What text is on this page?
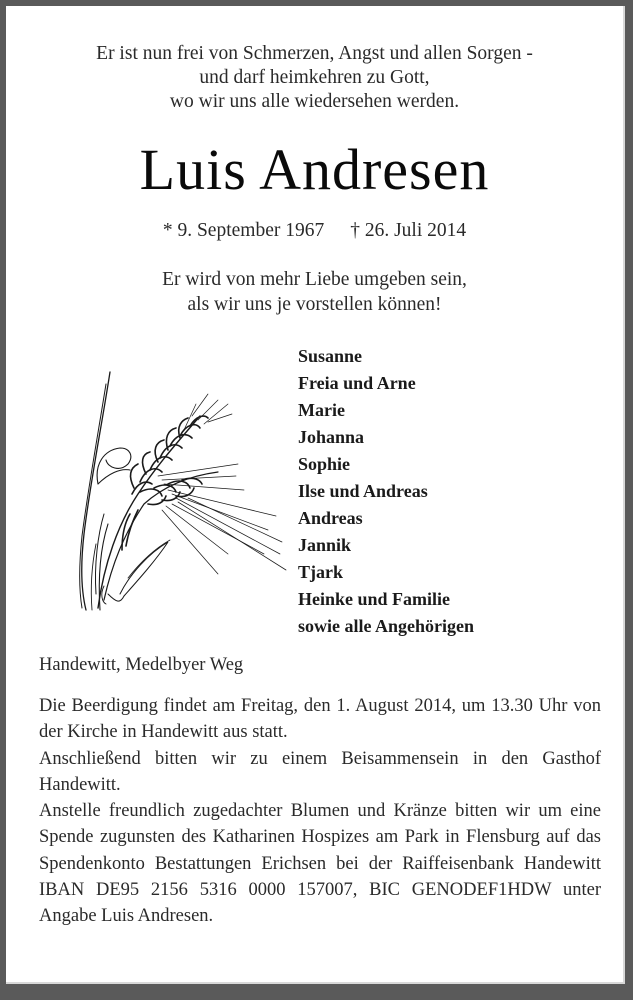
Er ist nun frei von Schmerzen, Angst und allen Sorgen -
und darf heimkehren zu Gott,
wo wir uns alle wiedersehen werden.
Luis Andresen
* 9. September 1967 † 26. Juli 2014
Er wird von mehr Liebe umgeben sein,
als wir uns je vorstellen können!
Susanne
Freia und Arne
Marie
Johanna
Sophie
Ilse und Andreas
Andreas
Jannik
Tjark
Heinke und Familie
sowie alle Angehörigen
Handewitt, Medelbyer Weg

Die Beerdigung findet am Freitag, den 1. August 2014, um 13.30 Uhr von der Kirche in Handewitt aus statt.

Anschließend bitten wir zu einem Beisammensein in den Gasthof Handewitt.

Anstelle freundlich zugedachter Blumen und Kränze bitten wir um eine Spende zugunsten des Katharinen Hospizes am Park in Flensburg auf das Spendenkonto Bestattungen Erichsen bei der Raiffeisenbank Handewitt IBAN DE95 2156 5316 0000 157007, BIC GENODEF1HDW unter Angabe Luis Andresen.
